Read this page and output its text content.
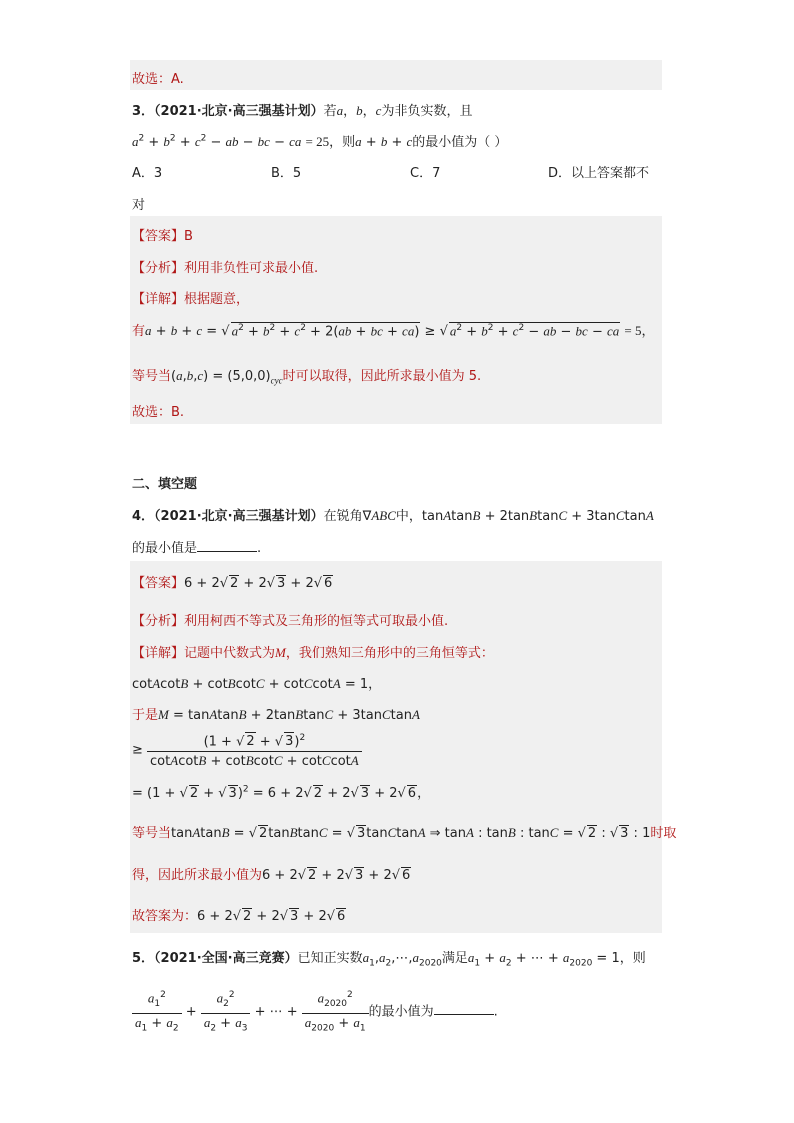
故选：A.
3．（2021·北京·高三强基计划）若a，b，c为非负实数，且
$a^2 + b^2 + c^2$ − ab − bc − ca = 25，则a + b + c的最小值为（ ）
A．3	B．5	C．7	D．以上答案都不
对
【答案】B
【分析】利用非负性可求最小值.
【详解】根据题意，
有a + b + c = √ $a^2 + b^2 + c^2 + 2(ab$ + bc + ca) ≥ √ $a^2 + b^2 + c^2$ − ab − bc − ca = 5，
等号当$(a,b,c) = (5,0,0)_{cyc}$时可以取得，因此所求最小值为 5.
故选：B.
二、填空题
4．（2021·北京·高三强基计划）在锐角∇ABC中，tanAtanB + 2tanBtanC + 3tanCtanA
的最小值是	.
【答案】6 + 2√ 2 + 2√ 3 + 2√ 6
【分析】利用柯西不等式及三角形的恒等式可取最小值.
【详解】记题中代数式为M，我们熟知三角形中的三角恒等式：
cotAcotB + cotBcotC + cotCcotA = 1，
于是M = tanAtanB + 2tanBtanC + 3tanCtanA
≥ $\frac{(1 + √ 2 + √ 3)^2}{\text{cotAcotB + cotBcotC + cotCcotA}}$
= (1 + √ 2 + √ 3)$^2$ = 6 + 2√ 2 + 2√ 3 + 2√ 6，
等号当tanAtanB = √ 2tanBtanC = √ 3tanCtanA ⇒ tanA : tanB : tanC = √ 2 : √ 3 : 1时取
得，因此所求最小值为6 + 2√ 2 + 2√ 3 + 2√ 6
故答案为：6 + 2√ 2 + 2√ 3 + 2√ 6
5．（2021·全国·高三竞赛）已知正实数$a_1,a_2,\cdots,a_{2020}$满足$a_1 + a_2$ + ⋯ + $a_{2020} = 1$，则
$\frac{a_1^2}{a_1 + a_2} + \frac{a_2^2}{a_2 + a_3}$ + ⋯ + $\frac{a_{2020}^2}{a_{2020} + a_1}$ 的最小值为	.
